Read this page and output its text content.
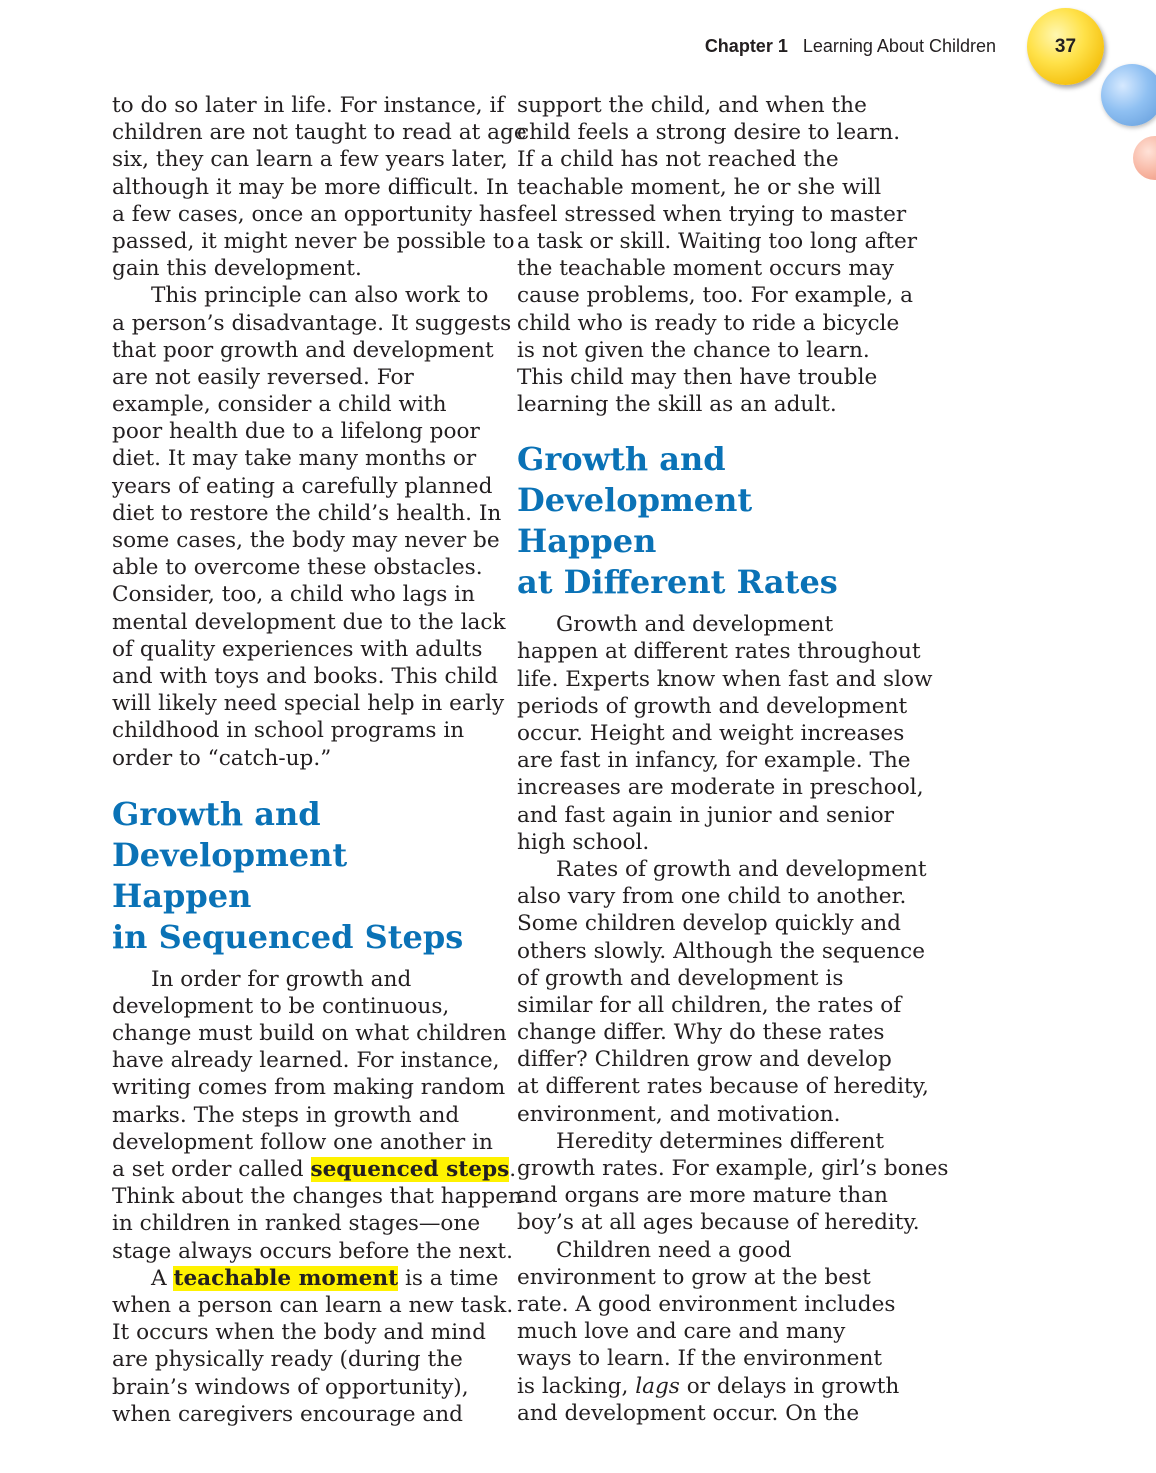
Chapter 1 Learning About Children	37
to do so later in life. For instance, if
children are not taught to read at age
six, they can learn a few years later,
although it may be more difficult. In
a few cases, once an opportunity has
passed, it might never be possible to
gain this development.
This principle can also work to
a person’s disadvantage. It suggests
that poor growth and development
are not easily reversed. For
example, consider a child with
poor health due to a lifelong poor
diet. It may take many months or
years of eating a carefully planned
diet to restore the child’s health. In
some cases, the body may never be
able to overcome these obstacles.
Consider, too, a child who lags in
mental development due to the lack
of quality experiences with adults
and with toys and books. This child
will likely need special help in early
childhood in school programs in
order to “catch-up.”
Growth and
Development Happen
in Sequenced Steps
In order for growth and
development to be continuous,
change must build on what children
have already learned. For instance,
writing comes from making random
marks. The steps in growth and
development follow one another in
a set order called sequenced steps.
Think about the changes that happen
in children in ranked stages—one
stage always occurs before the next.
A teachable moment is a time
when a person can learn a new task.
It occurs when the body and mind
are physically ready (during the
brain’s windows of opportunity),
when caregivers encourage and
support the child, and when the
child feels a strong desire to learn.
If a child has not reached the
teachable moment, he or she will
feel stressed when trying to master
a task or skill. Waiting too long after
the teachable moment occurs may
cause problems, too. For example, a
child who is ready to ride a bicycle
is not given the chance to learn.
This child may then have trouble
learning the skill as an adult.
Growth and
Development Happen
at Different Rates
Growth and development
happen at different rates throughout
life. Experts know when fast and slow
periods of growth and development
occur. Height and weight increases
are fast in infancy, for example. The
increases are moderate in preschool,
and fast again in junior and senior
high school.
Rates of growth and development
also vary from one child to another.
Some children develop quickly and
others slowly. Although the sequence
of growth and development is
similar for all children, the rates of
change differ. Why do these rates
differ? Children grow and develop
at different rates because of heredity,
environment, and motivation.
Heredity determines different
growth rates. For example, girl’s bones
and organs are more mature than
boy’s at all ages because of heredity.
Children need a good
environment to grow at the best
rate. A good environment includes
much love and care and many
ways to learn. If the environment
is lacking, lags or delays in growth
and development occur. On the
